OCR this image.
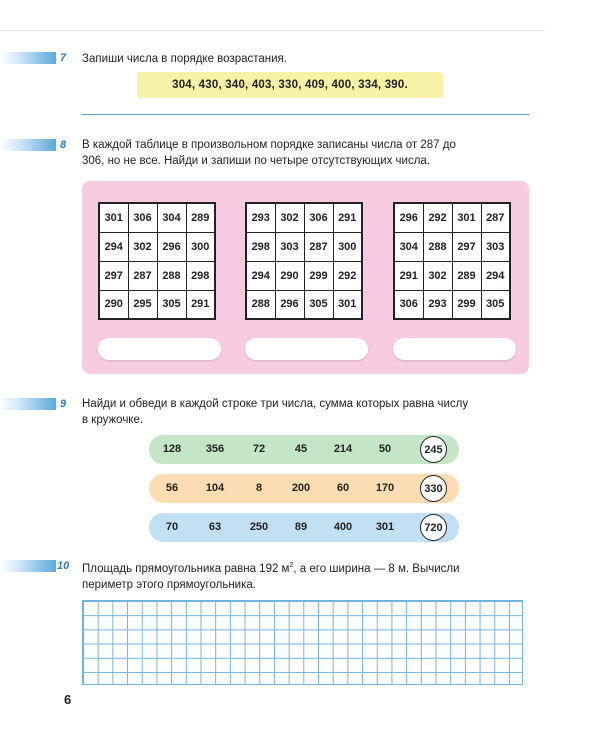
7 Запиши числа в порядке возрастания.
304, 430, 340, 403, 330, 409, 400, 334, 390.
8 В каждой таблице в произвольном порядке записаны числа от 287 до
306, но не все. Найди и запиши по четыре отсутствующих числа.
301	306	304	289
294	302	296	300
297	287	288	298
290	295	305	291
293	302	306	291
298	303	287	300
294	290	299	292
288	296	305	301
296	292	301	287
304	288	297	303
291	302	289	294
306	293	299	305
9 Найди и обведи в каждой строке три числа, сумма которых равна числу
в кружочке.
128	356	72	45	214	50	245
56	104	8	200	60	170	330
70	63	250	89	400	301	720
10 Площадь прямоугольника равна 192 $м^2$, а его ширина — 8 м. Вычисли
периметр этого прямоугольника.
6
